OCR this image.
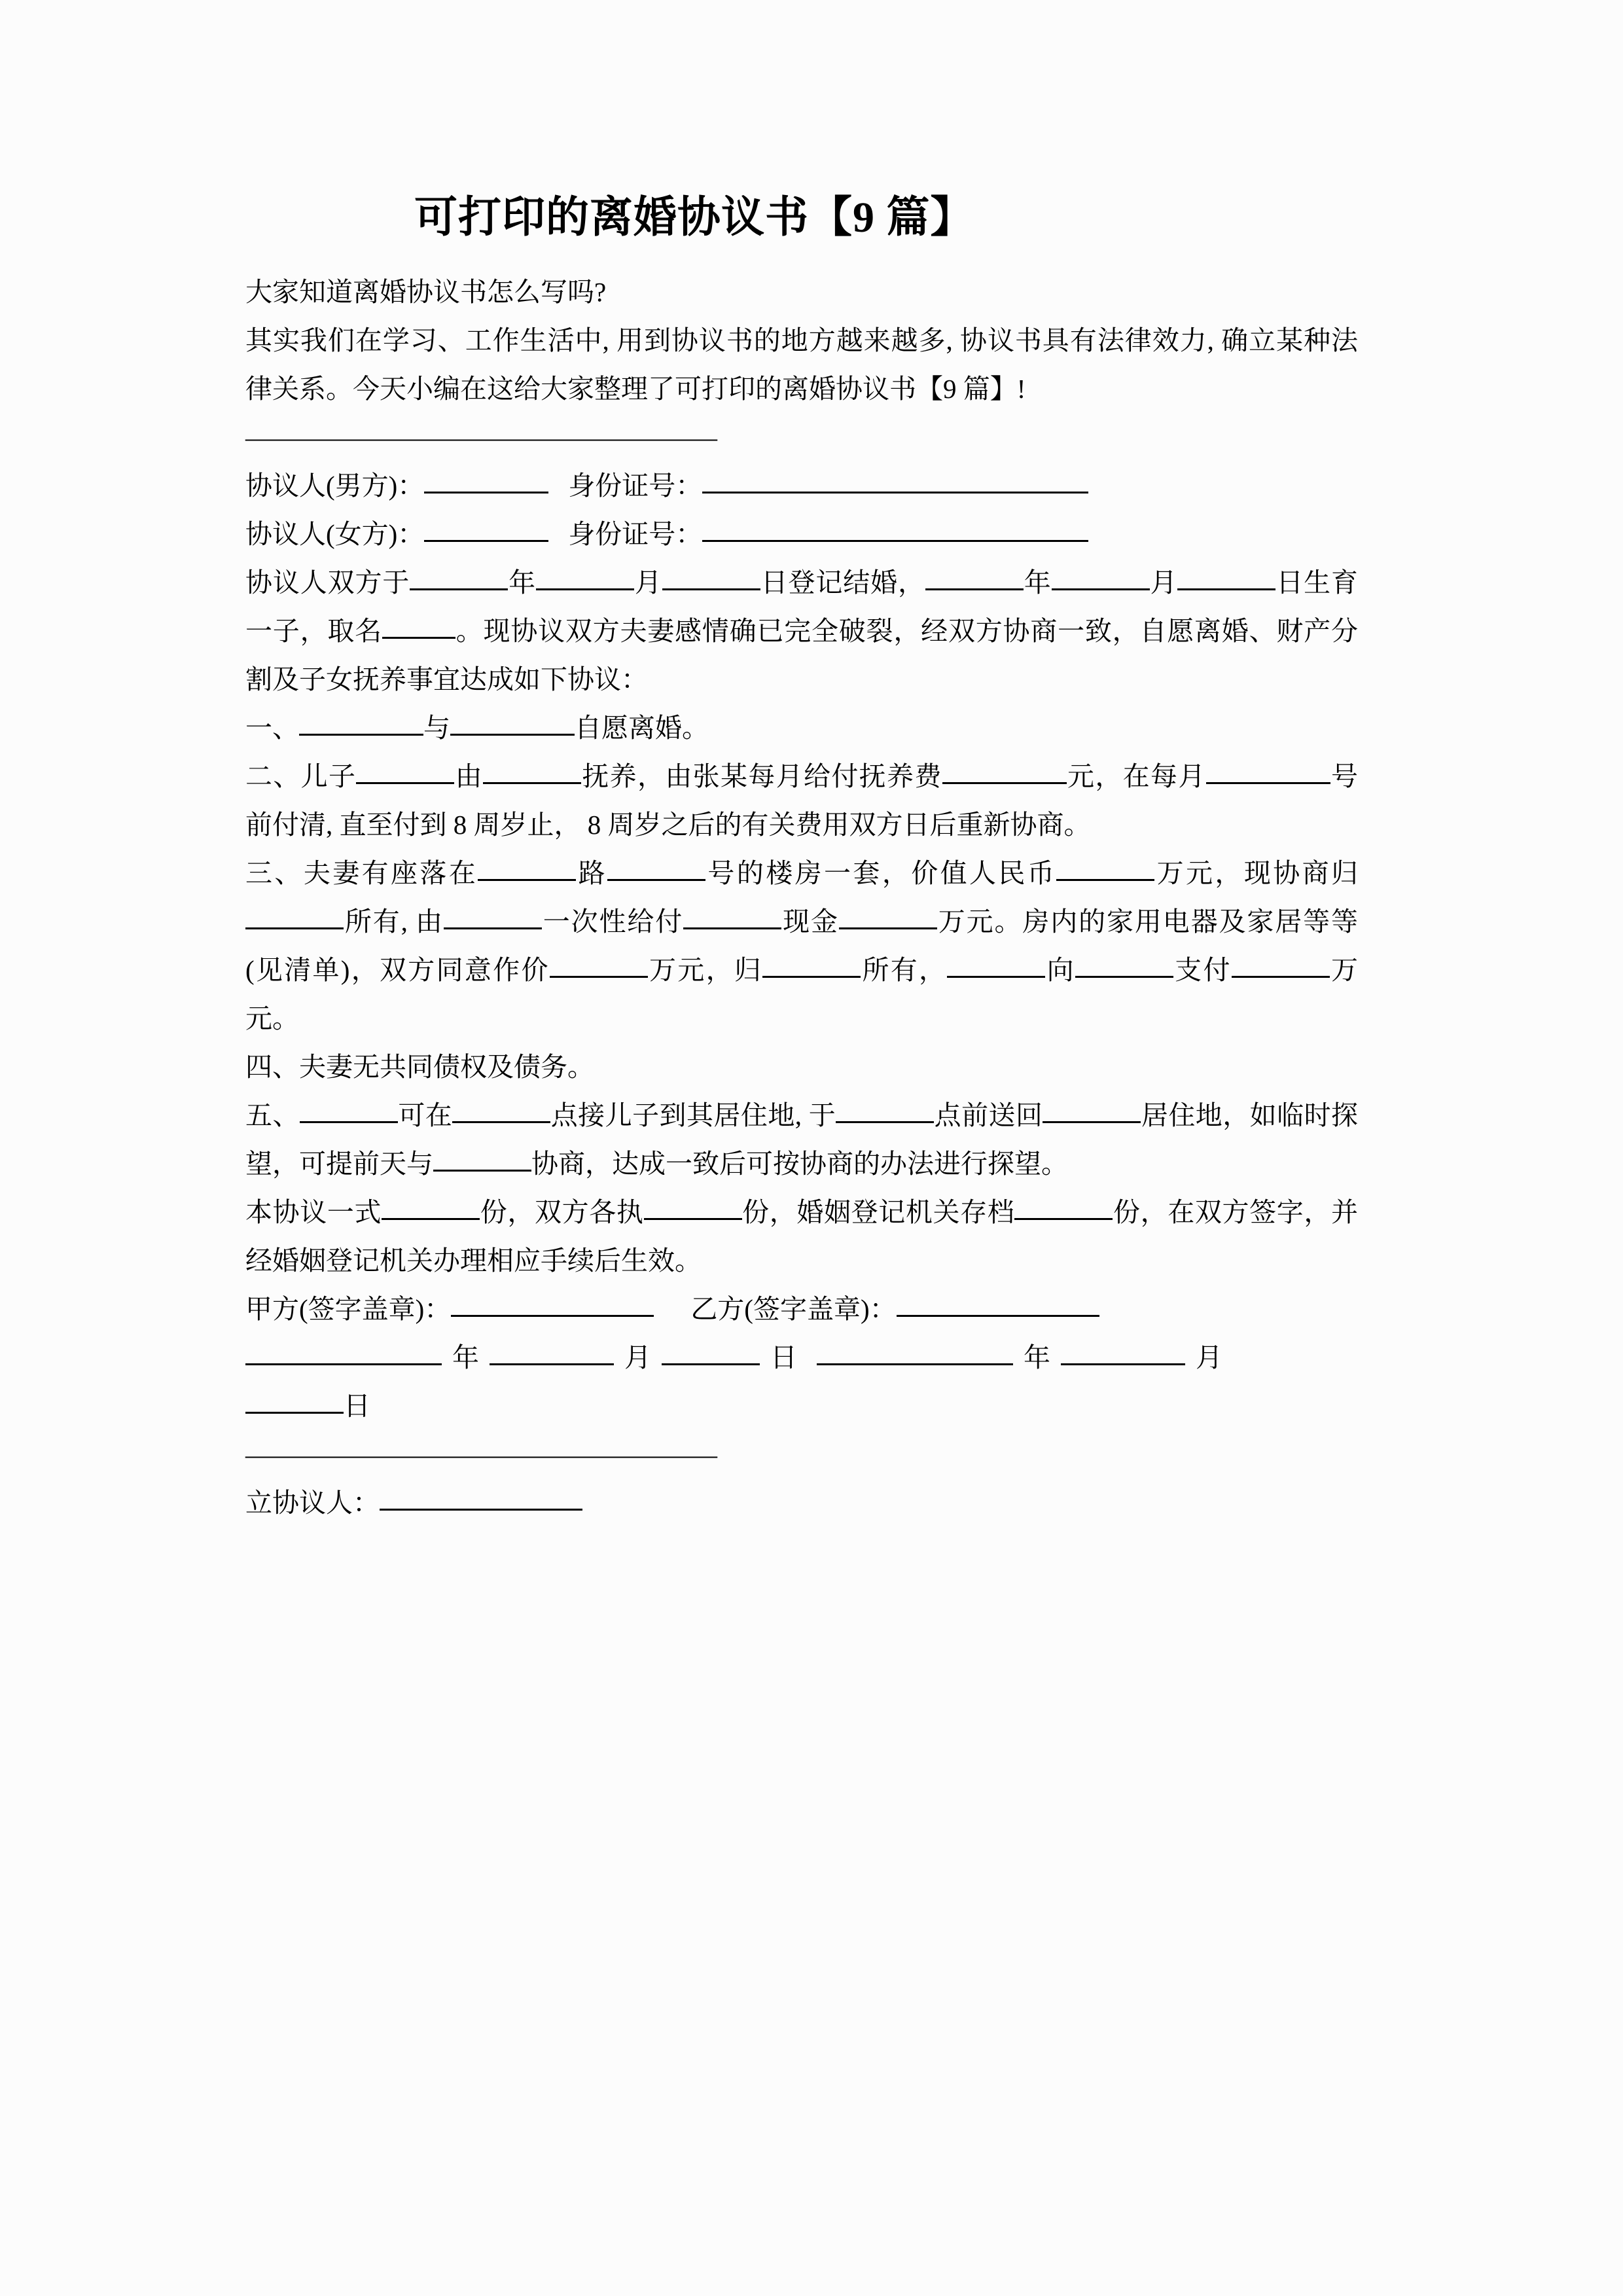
可打印的离婚协议书【9 篇】

大家知道离婚协议书怎么写吗?

其实我们在学习、工作生活中, 用到协议书的地方越来越多, 协议书具有法律效力, 确立某种法律关系。今天小编在这给大家整理了可打印的离婚协议书【9 篇】!

——————————————————

协议人(男方)：	身份证号：

协议人(女方)：	身份证号：

协议人双方于	年	月	日登记结婚，	年	月	日生育一子，取名	。现协议双方夫妻感情确已完全破裂，经双方协商一致，自愿离婚、财产分割及子女抚养事宜达成如下协议：

一、	与	自愿离婚。

二、儿子	由	抚养，由张某每月给付抚养费	元，在每月	号前付清, 直至付到 8 周岁止， 8 周岁之后的有关费用双方日后重新协商。

三、夫妻有座落在	路	号的楼房一套，价值人民币	万元，现协商归所有, 由	一次性给付	现金	万元。房内的家用电器及家居等等(见清单)，双方同意作价	万元，归	所有，	向	支付	万元。

四、夫妻无共同债权及债务。

五、	可在	点接儿子到其居住地, 于	点前送回	居住地，如临时探望，可提前天与	协商，达成一致后可按协商的办法进行探望。

本协议一式	份，双方各执	份，婚姻登记机关存档	份，在双方签字，并经婚姻登记机关办理相应手续后生效。

甲方(签字盖章)：	乙方(签字盖章)：

年	月	日	年	月

日

——————————————————

立协议人：
